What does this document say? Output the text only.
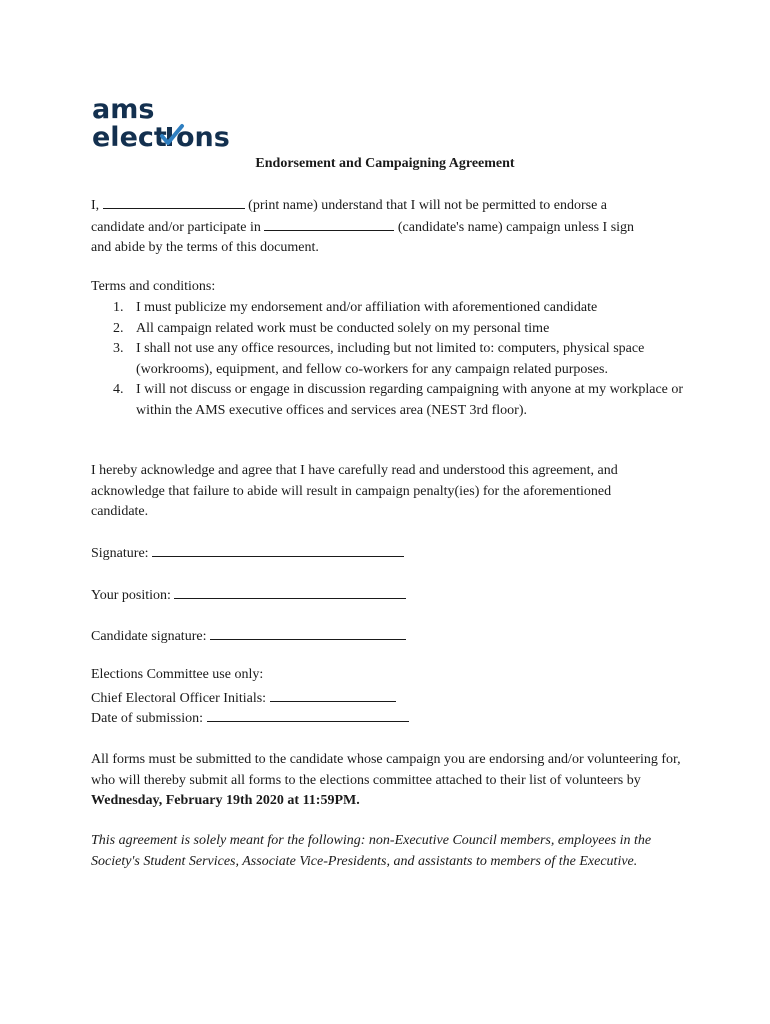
ams
elect ons
Endorsement and Campaigning Agreement
I,	(print name) understand that I will not be permitted to endorse a
candidate and/or participate in	(candidate's name) campaign unless I sign
and abide by the terms of this document.
Terms and conditions:
1. I must publicize my endorsement and/or affiliation with aforementioned candidate
2. All campaign related work must be conducted solely on my personal time
3. I shall not use any office resources, including but not limited to: computers, physical space (workrooms), equipment, and fellow co-workers for any campaign related purposes.
4. I will not discuss or engage in discussion regarding campaigning with anyone at my workplace or within the AMS executive offices and services area (NEST 3rd floor).
I hereby acknowledge and agree that I have carefully read and understood this agreement, and acknowledge that failure to abide will result in campaign penalty(ies) for the aforementioned candidate.
Signature:
Your position:
Candidate signature:
Elections Committee use only:
Chief Electoral Officer Initials:
Date of submission:
All forms must be submitted to the candidate whose campaign you are endorsing and/or volunteering for, who will thereby submit all forms to the elections committee attached to their list of volunteers by Wednesday, February 19th 2020 at 11:59PM.
This agreement is solely meant for the following: non-Executive Council members, employees in the Society's Student Services, Associate Vice-Presidents, and assistants to members of the Executive.
